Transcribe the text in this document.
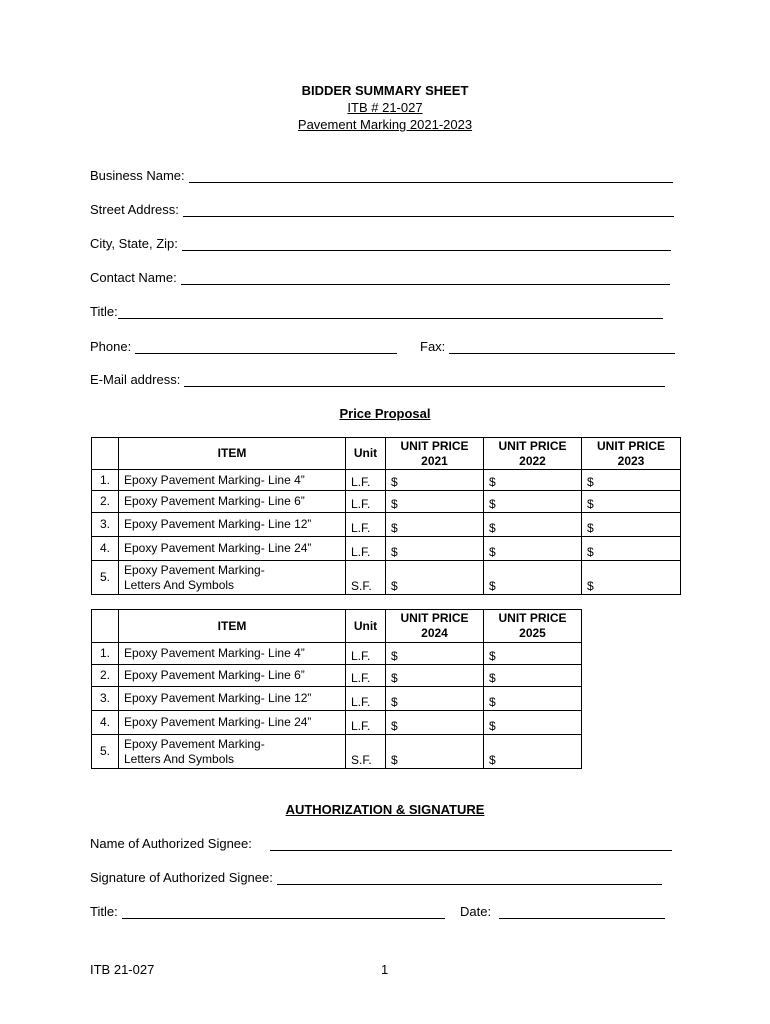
BIDDER SUMMARY SHEET
ITB # 21-027
Pavement Marking 2021-2023
Business Name:
Street Address:
City, State, Zip:
Contact Name:
Title:
Phone:	Fax:
E-Mail address:
Price Proposal
	ITEM	Unit	UNIT PRICE 2021	UNIT PRICE 2022	UNIT PRICE 2023
1.	Epoxy Pavement Marking- Line 4”	L.F.	$	$	$
2.	Epoxy Pavement Marking- Line 6”	L.F.	$	$	$
3.	Epoxy Pavement Marking- Line 12”	L.F.	$	$	$
4.	Epoxy Pavement Marking- Line 24”	L.F.	$	$	$
5.	Epoxy Pavement Marking-
Letters And Symbols	S.F.	$	$	$
	ITEM	Unit	UNIT PRICE 2024	UNIT PRICE 2025
1.	Epoxy Pavement Marking- Line 4”	L.F.	$	$
2.	Epoxy Pavement Marking- Line 6”	L.F.	$	$
3.	Epoxy Pavement Marking- Line 12”	L.F.	$	$
4.	Epoxy Pavement Marking- Line 24”	L.F.	$	$
5.	Epoxy Pavement Marking-
Letters And Symbols	S.F.	$	$
AUTHORIZATION & SIGNATURE
Name of Authorized Signee:
Signature of Authorized Signee:
Title:	Date:
ITB 21-027	1
